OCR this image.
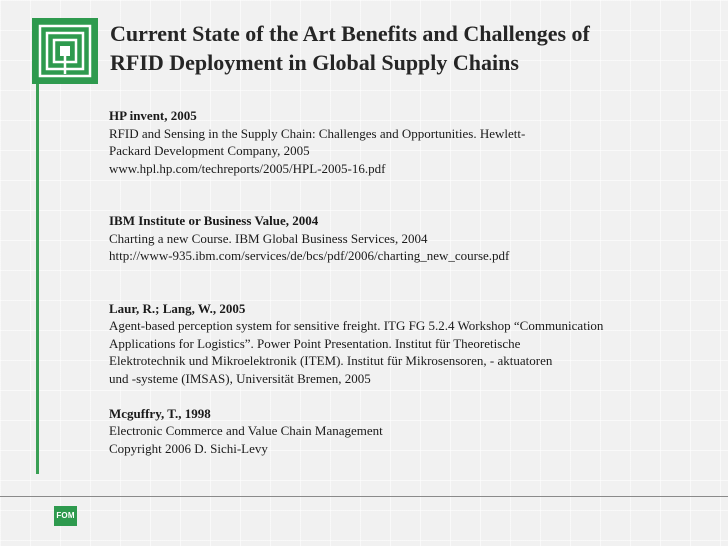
Current State of the Art Benefits and Challenges of
RFID Deployment in Global Supply Chains
HP invent, 2005
RFID and Sensing in the Supply Chain: Challenges and Opportunities. Hewlett-
Packard Development Company, 2005
www.hpl.hp.com/techreports/2005/HPL-2005-16.pdf
IBM Institute or Business Value, 2004
Charting a new Course. IBM Global Business Services, 2004
http://www-935.ibm.com/services/de/bcs/pdf/2006/charting_new_course.pdf
Laur, R.; Lang, W., 2005
Agent-based perception system for sensitive freight. ITG FG 5.2.4 Workshop “Communication
Applications for Logistics”. Power Point Presentation. Institut für Theoretische
Elektrotechnik und Mikroelektronik (ITEM). Institut für Mikrosensoren, - aktuatoren
und -systeme (IMSAS), Universität Bremen, 2005
Mcguffry, T., 1998
Electronic Commerce and Value Chain Management
Copyright 2006 D. Sichi-Levy
FOM
